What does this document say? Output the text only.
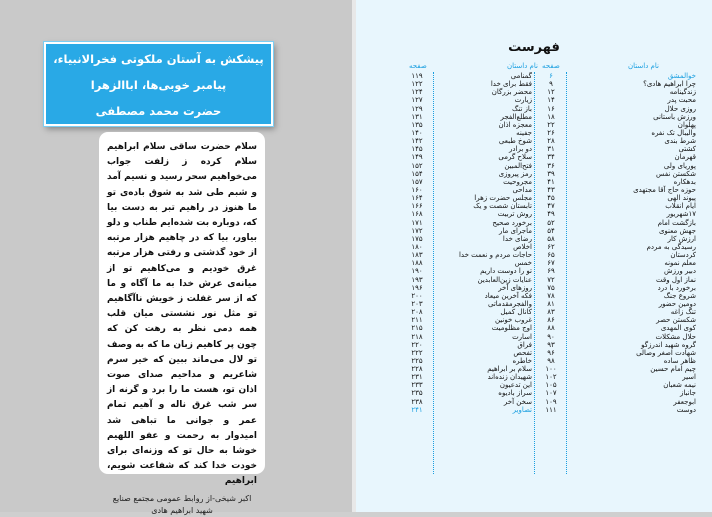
پیشکش به آستان ملکوتی فخرالانبیاء،
پیامبر خوبی‌ها، اباالزهرا
حضرت محمد مصطفی
سلام حضرت ساقی سلام ابراهیم سلام کرده ز زلفت جواب می‌خواهیم سحر رسید و نسیم آمد و شبم طی شد به شوق باده‌ی تو ما هنوز در راهیم تبر به دست بیا که، دوباره بت شده‌ایم طناب و دلو بیاور، بیا که در چاهیم هزار مرتبه از خود گذشتی و رفتی هزار مرتبه غرق خودیم و می‌کاهیم تو از میانه‌ی عرش خدا به ما آگاه و ما که از سر غفلت ز خویش ناآگاهیم تو مثل نور نشستی میان قلب همه دمی نظر به رهت کن که چون پر کاهیم زبان ما که به وصف تو لال می‌ماند ببین که خیر سرم شاعریم و مداحیم صدای صوت اذان تو، هست ما را برد و گرنه از سر شب غرق ناله و آهیم تمام عمر و جوانی ما تباهی شد امیدوار به رحمت و عفو اللهیم خوشا به حال تو که وزنه‌ای برای خودت خدا کند که شفاعت شویم، ابراهیم
اکبر شیخی-از روابط عمومی مجتمع صنایع
شهید ابراهیم هادی
فهرست
نام داستان
صفحه
نام داستان
صفحه
خوالمشق
چرا ابراهیم هادی؟
زندگینامه
محبت پدر
روزی حلال
ورزش باستانی
پهلوان
والیبال تک نفره
شرط بندی
کشتی
قهرمان
پوریای ولی
شکستن نفس
بدهکاره
حوزه حاج آقا مجتهدی
پیوند الهی
ایام انقلاب
۱۷شهریور
بازگشت امام
جهش معنوی
ارزش کار
رسیدگی به مردم
کردستان
معلم نمونه
دبیر ورزش
نماز اول وقت
برخورد با درد
شروع جنگ
دومین حضور
تنگ زاغه
شکستن حصر
کوی المهدی
حلال مشکلات
گروه شهید اندرزگو
شهادت اصغر وصالی
ظاهر ساده
چیم امام حسین
اسیر
نیمه شعبان
جانباز
ابوجعفر
دوست
۶
۹
۱۲
۱۴
۱۶
۱۸
۲۲
۲۶
۲۸
۳۱
۳۴
۳۶
۳۹
۴۱
۴۳
۴۵
۴۷
۴۹
۵۲
۵۴
۵۸
۶۲
۶۵
۶۷
۶۹
۷۲
۷۵
۷۸
۸۱
۸۳
۸۶
۸۸
۹۰
۹۳
۹۶
۹۸
۱۰۰
۱۰۲
۱۰۵
۱۰۷
۱۰۹
۱۱۱
گمنامی
فقط برای خدا
محضر بزرگان
زیارت
باز تنگ
مطلع‌الفجر
معجزه اذان
جفینه
شوخ طبعی
دو برادر
سلاح گرمی
فتح‌المبین
رمز پیروزی
مجروحیت
مداحی
مجلس حضرت زهرا
تابستان شصت و یک
روش تربیت
برخورد صحیح
ماجرای مار
رضای خدا
اخلاص
حاجات مردم و نعمت خدا
خمس
تو را دوست داریم
عنایات زین‌العابدین
روزهای آخر
فکه آخرین میعاد
والفجرمقدماتی
کانال کمیل
غروب خونین
اوج مظلومیت
اسارت
فراق
تفحص
خاطره
سلام بر ابراهیم
شهیدان زنده‌اند
این تدعیون
سراز بادیوه
سخن آخر
تصاویر
۱۱۹
۱۲۲
۱۲۴
۱۲۷
۱۲۹
۱۳۱
۱۳۵
۱۴۰
۱۴۲
۱۴۵
۱۴۹
۱۵۲
۱۵۴
۱۵۷
۱۶۰
۱۶۴
۱۶۶
۱۶۸
۱۷۱
۱۷۲
۱۷۵
۱۸۰
۱۸۳
۱۸۸
۱۹۰
۱۹۳
۱۹۶
۲۰۰
۲۰۳
۲۰۸
۲۱۱
۲۱۵
۲۱۸
۲۲۰
۲۲۲
۲۲۵
۲۲۸
۲۳۱
۲۳۳
۲۳۵
۲۳۸
۲۴۱
